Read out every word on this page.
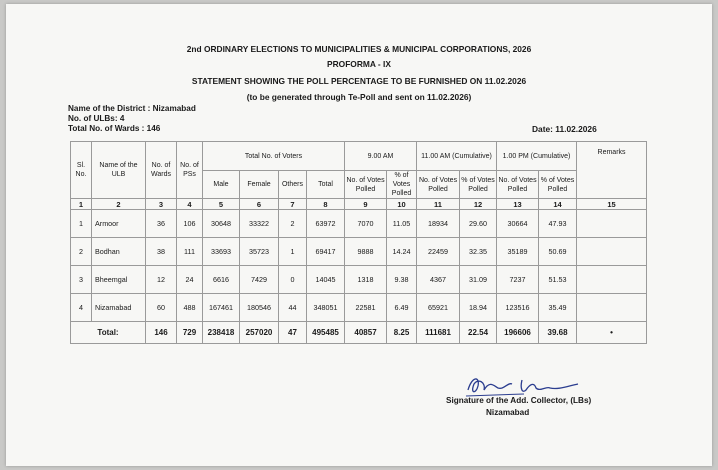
2nd ORDINARY ELECTIONS TO MUNICIPALITIES & MUNICIPAL CORPORATIONS, 2026
PROFORMA - IX
STATEMENT SHOWING THE POLL PERCENTAGE TO BE FURNISHED ON 11.02.2026
(to be generated through Te-Poll and sent on 11.02.2026)
Name of the District : Nizamabad
No. of ULBs: 4
Total No. of Wards : 146	Date: 11.02.2026
Sl. No.	Name of the ULB	No. of Wards	No. of PSs	Total No. of Voters				9.00 AM		11.00 AM (Cumulative)		1.00 PM (Cumulative)		Remarks
				Male	Female	Others	Total	No. of Votes Polled	% of Votes Polled	No. of Votes Polled	% of Votes Polled	No. of Votes Polled	% of Votes Polled	
1	2	3	4	5	6	7	8	9	10	11	12	13	14	15
1	Armoor	36	106	30648	33322	2	63972	7070	11.05	18934	29.60	30664	47.93	
2	Bodhan	38	111	33693	35723	1	69417	9888	14.24	22459	32.35	35189	50.69	
3	Bheemgal	12	24	6616	7429	0	14045	1318	9.38	4367	31.09	7237	51.53	
4	Nizamabad	60	488	167461	180546	44	348051	22581	6.49	65921	18.94	123516	35.49	
Total:		146	729	238418	257020	47	495485	40857	8.25	111681	22.54	196606	39.68	•
Signature of the Add. Collector, (LBs)
Nizamabad
